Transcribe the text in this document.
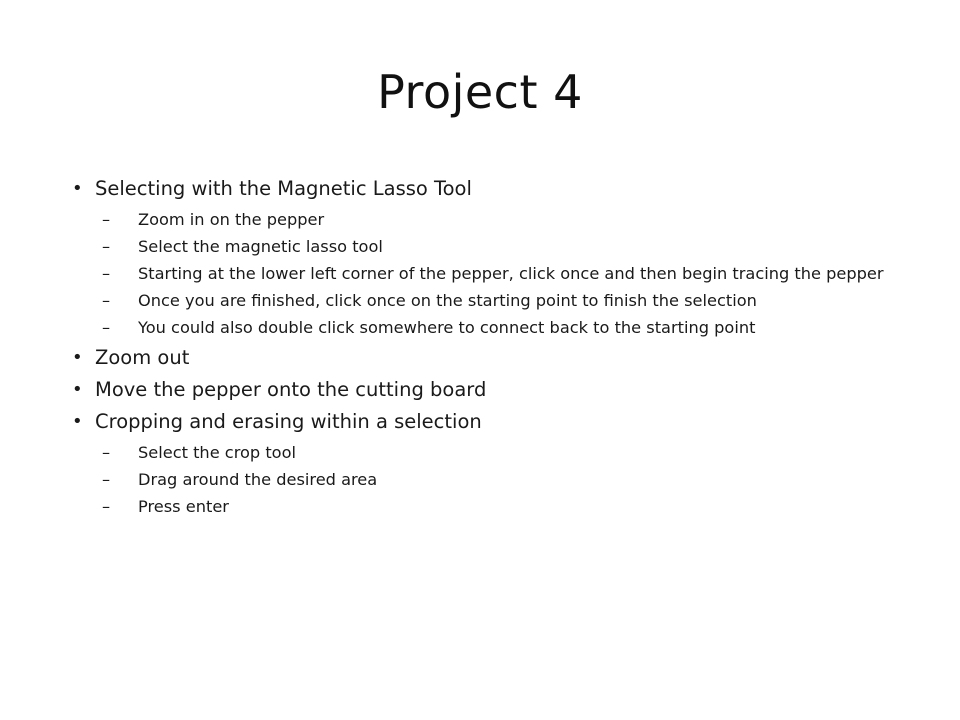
Project 4
• Selecting with the Magnetic Lasso Tool
– Zoom in on the pepper
– Select the magnetic lasso tool
– Starting at the lower left corner of the pepper, click once and then begin tracing the pepper
– Once you are finished, click once on the starting point to finish the selection
– You could also double click somewhere to connect back to the starting point
• Zoom out
• Move the pepper onto the cutting board
• Cropping and erasing within a selection
– Select the crop tool
– Drag around the desired area
– Press enter
